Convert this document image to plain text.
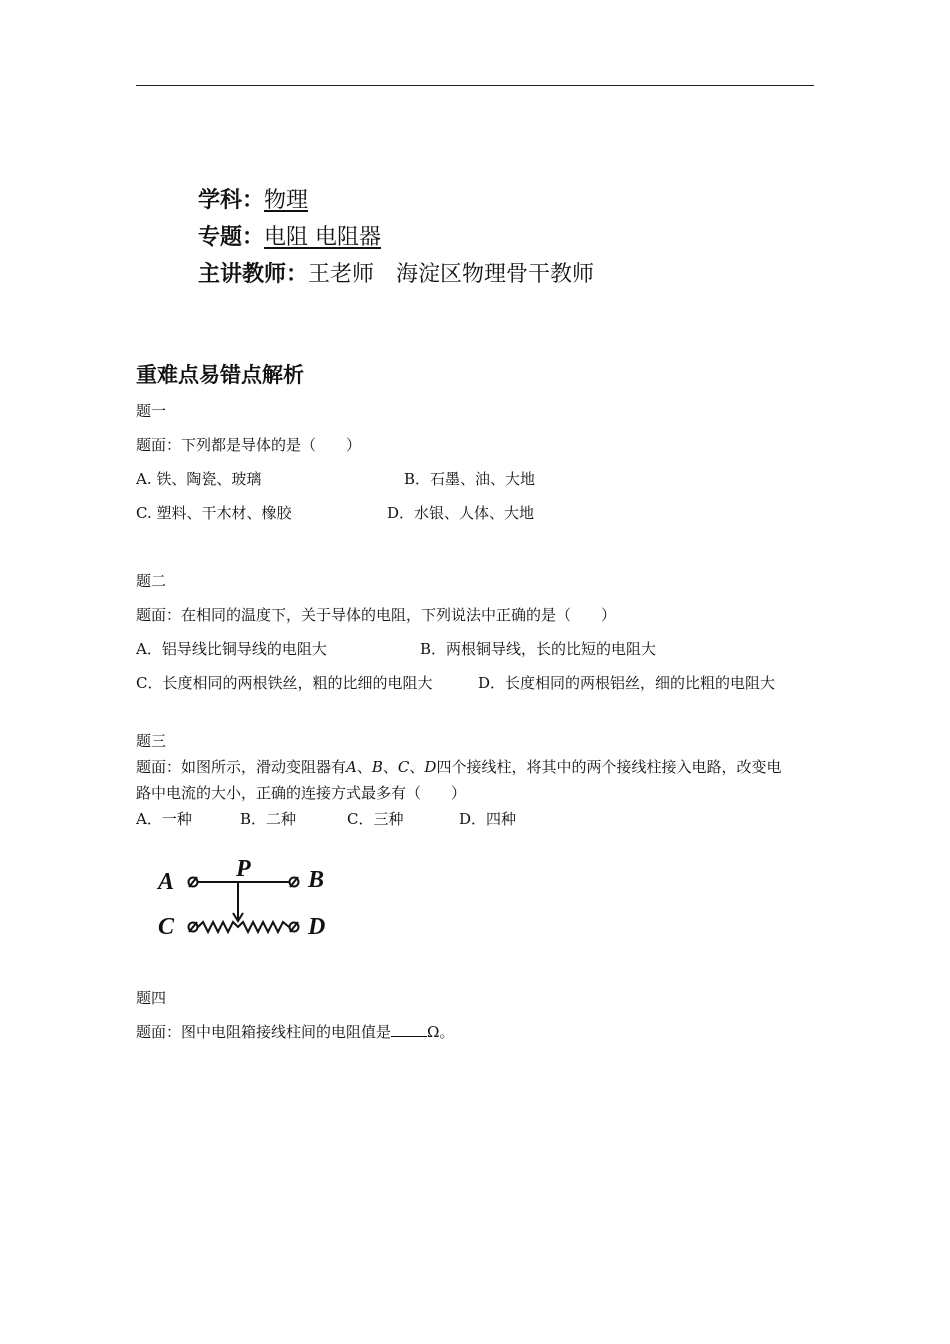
学科：物理
专题：电阻 电阻器
主讲教师：王老师　海淀区物理骨干教师
重难点易错点解析
题一
题面：下列都是导体的是（　　）
A. 铁、陶瓷、玻璃	B．石墨、油、大地
C. 塑料、干木材、橡胶	D．水银、人体、大地
题二
题面：在相同的温度下，关于导体的电阻，下列说法中正确的是（　　）
A．铝导线比铜导线的电阻大	B．两根铜导线，长的比短的电阻大
C．长度相同的两根铁丝，粗的比细的电阻大	D．长度相同的两根铝丝，细的比粗的电阻大
题三
题面：如图所示，滑动变阻器有A、B、C、D四个接线柱，将其中的两个接线柱接入电路，改变电
路中电流的大小，正确的连接方式最多有（　　）
A．一种	B．二种	C．三种	D．四种
A	B
C	D
P
题四
题面：图中电阻箱接线柱间的电阻值是 Ω。
